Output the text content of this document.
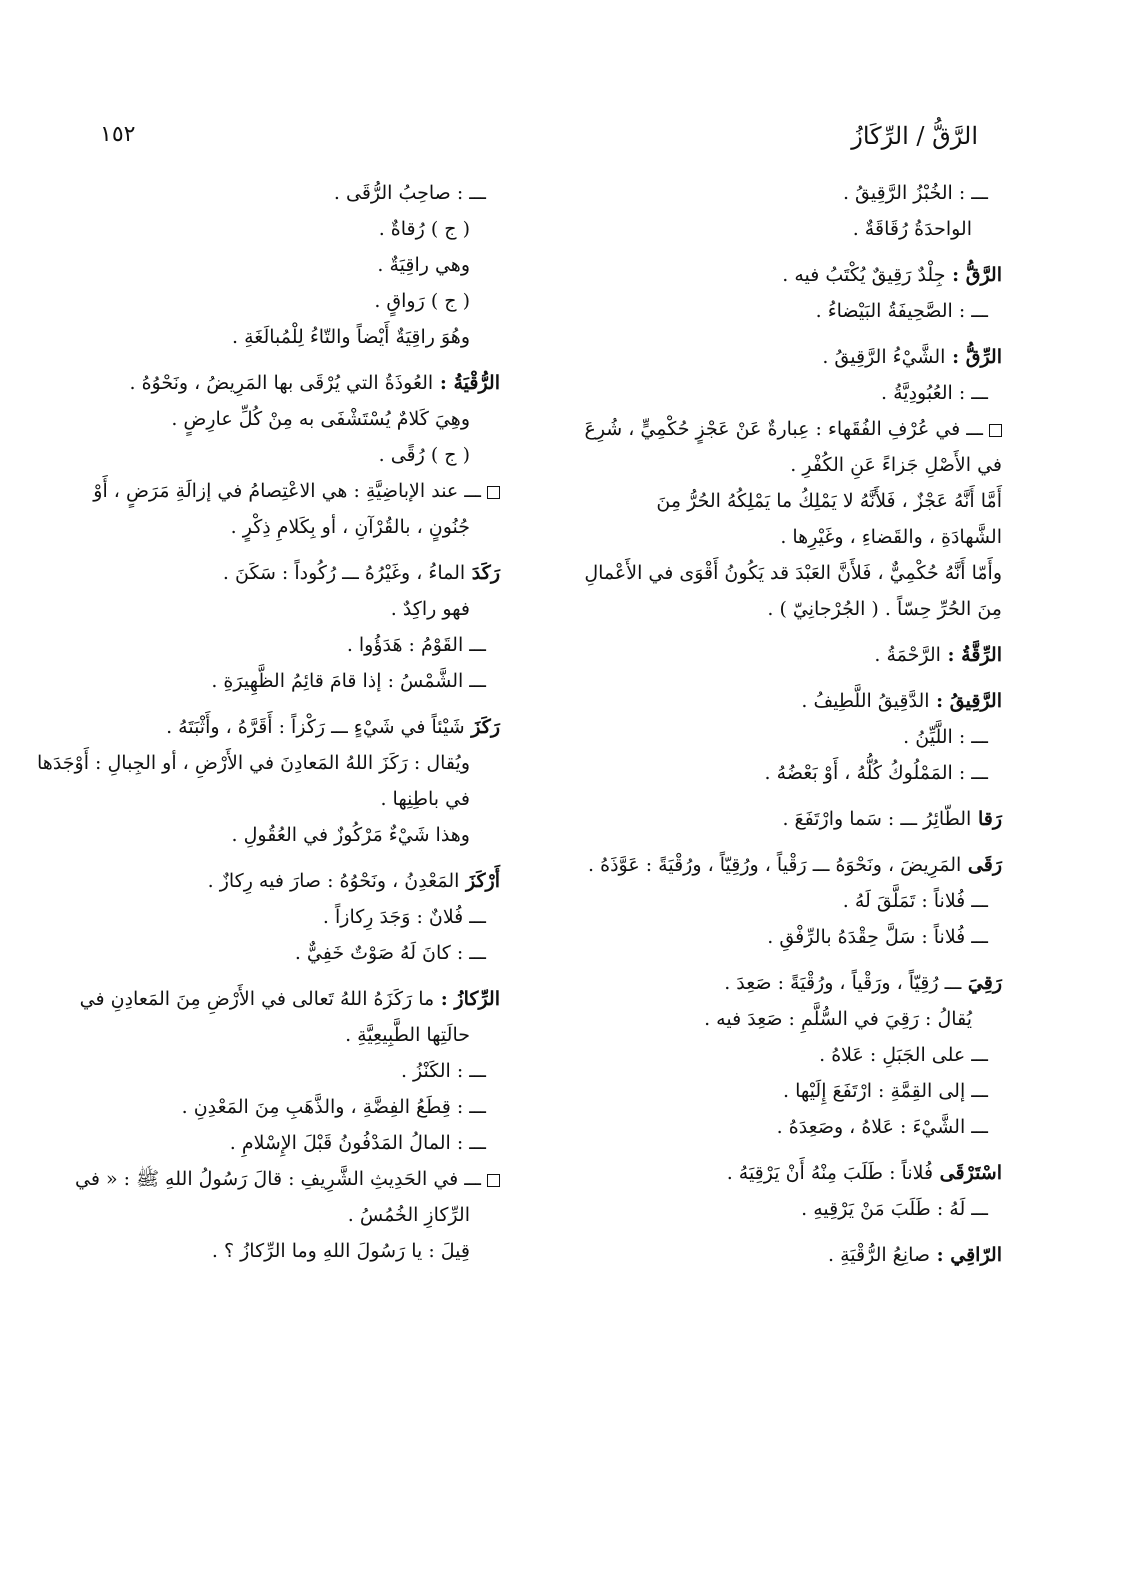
الرَّقُّ / الرِّكَازُ
١٥٢
ـــ : الخُبْزُ الرَّقِيقُ .
الواحدَةُ رُقَاقَةٌ .
الرَّقُّ : جِلْدٌ رَقِيقٌ يُكْتَبُ فيه .
ـــ : الصَّحِيفَةُ البَيْضاءُ .
الرِّقُّ : الشَّيْءُ الرَّقِيقُ .
ـــ : العُبُودِيَّةُ .
ـــ في عُرْفِ الفُقَهاء : عِبارةٌ عَنْ عَجْزٍ حُكْمِيٍّ ، شُرِعَ
في الأَصْلِ جَزاءً عَنِ الكُفْرِ .
أَمَّا أَنَّهُ عَجْزٌ ، فَلأَنَّهُ لا يَمْلِكُ ما يَمْلِكُهُ الحُرُّ مِنَ
الشَّهادَةِ ، والقَضاءِ ، وغَيْرِها .
وأَمّا أَنَّهُ حُكْمِيٌّ ، فَلأَنَّ العَبْدَ قد يَكُونُ أَقْوَى في الأَعْمالِ
مِنَ الحُرِّ حِسّاً . ( الجُرْجانِيّ ) .
الرِّقَّةُ : الرَّحْمَةُ .
الرَّقِيقُ : الدَّقِيقُ اللَّطِيفُ .
ـــ : اللَّيِّنُ .
ـــ : المَمْلُوكُ كُلُّهُ ، أَوْ بَعْضُهُ .
رَقا الطّائِرُ ـــ : سَما وارْتَفَعَ .
رَقَى المَرِيضَ ، ونَحْوَهُ ـــ رَقْياً ، ورُقِيّاً ، ورُقْيَةً : عَوَّذَهُ .
ـــ فُلاناً : تَمَلَّقَ لَهُ .
ـــ فُلاناً : سَلَّ حِقْدَهُ بالرِّفْقِ .
رَقِيَ ـــ رُقِيّاً ، ورَقْياً ، ورُقْيَةً : صَعِدَ .
يُقالُ : رَقِيَ في السُّلَّمِ : صَعِدَ فيه .
ـــ على الجَبَلِ : عَلاهُ .
ـــ إلى القِمَّةِ : ارْتَفَعَ إِلَيْها .
ـــ الشَّيْءَ : عَلاهُ ، وصَعِدَهُ .
اسْتَرْقَى فُلاناً : طَلَبَ مِنْهُ أَنْ يَرْقِيَهُ .
ـــ لَهُ : طَلَبَ مَنْ يَرْقِيهِ .
الرّاقِي : صانِعُ الرُّقْيَةِ .
ـــ : صاحِبُ الرُّقَى .
( ج ) رُقاةٌ .
وهي راقِيَةٌ .
( ج ) رَواقٍ .
وهُوَ راقِيَةٌ أَيْضاً والتّاءُ لِلْمُبالَغَةِ .
الرُّقْيَةُ : العُوذَةُ التي يُرْقَى بها المَرِيضُ ، ونَحْوُهُ .
وهِيَ كَلامٌ يُسْتَشْفَى به مِنْ كُلِّ عارِضٍ .
( ج ) رُقًى .
ـــ عند الإباضِيَّةِ : هي الاعْتِصامُ في إزالَةِ مَرَضٍ ، أَوْ
جُنُونٍ ، بالقُرْآنِ ، أو بِكَلامِ ذِكْرٍ .
رَكَدَ الماءُ ، وغَيْرُهُ ـــ رُكُوداً : سَكَنَ .
فهو راكِدٌ .
ـــ القَوْمُ : هَدَؤُوا .
ـــ الشَّمْسُ : إذا قامَ قائِمُ الظَّهِيرَةِ .
رَكَزَ شَيْئاً في شَيْءٍ ـــ رَكْزاً : أَقَرَّهُ ، وأَثْبَتَهُ .
ويُقال : رَكَزَ اللهُ المَعادِنَ في الأَرْضِ ، أو الجِبالِ : أَوْجَدَها
في باطِنِها .
وهذا شَيْءٌ مَرْكُوزٌ في العُقُولِ .
أَرْكَزَ المَعْدِنُ ، ونَحْوُهُ : صارَ فيه رِكازٌ .
ـــ فُلانٌ : وَجَدَ رِكازاً .
ـــ : كانَ لَهُ صَوْتٌ خَفِيٌّ .
الرِّكازُ : ما رَكَزَهُ اللهُ تَعالى في الأَرْضِ مِنَ المَعادِنِ في
حالَتِها الطَّبِيعِيَّةِ .
ـــ : الكَنْزُ .
ـــ : قِطَعُ الفِضَّةِ ، والذَّهَبِ مِنَ المَعْدِنِ .
ـــ : المالُ المَدْفُونُ قَبْلَ الإِسْلامِ .
ـــ في الحَدِيثِ الشَّرِيفِ : قالَ رَسُولُ اللهِ ﷺ : « في
الرِّكازِ الخُمُسُ .
قِيلَ : يا رَسُولَ اللهِ وما الرِّكازُ ؟ .
